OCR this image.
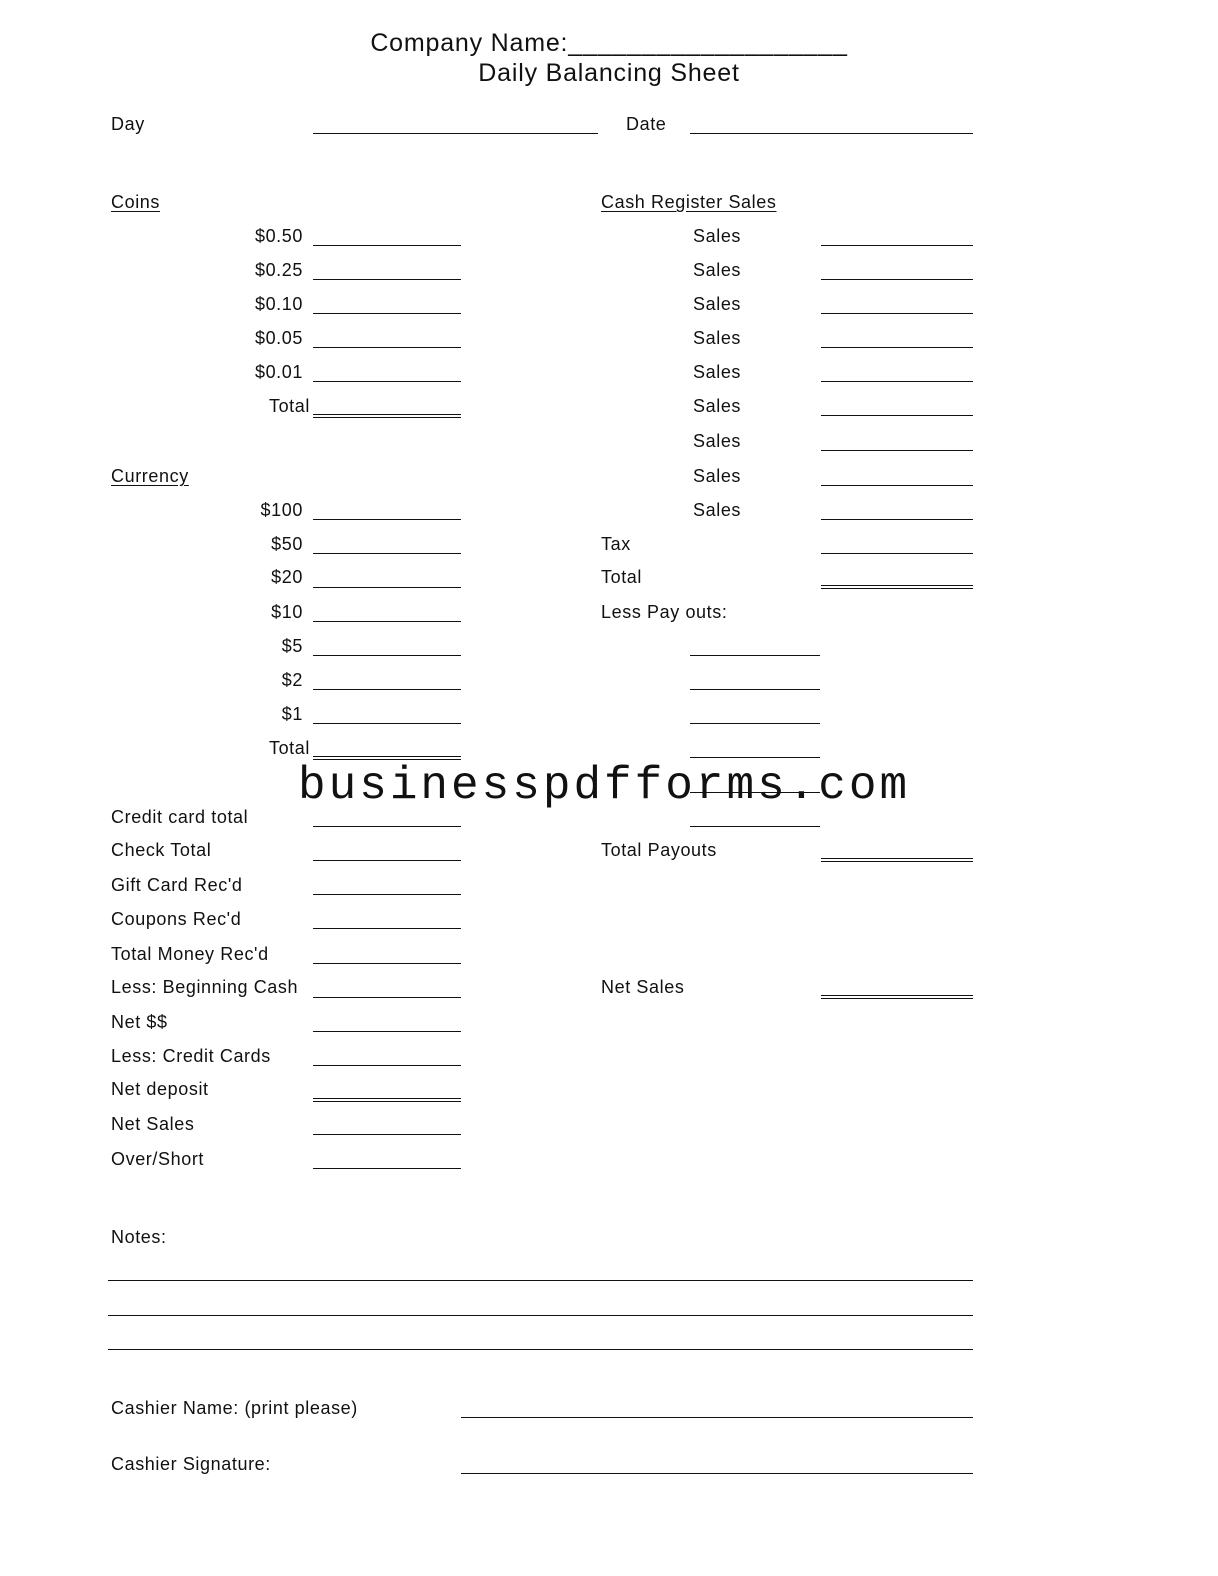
Company Name:___________________
Daily Balancing Sheet
Day	Date
Coins
$0.50
$0.25
$0.10
$0.05
$0.01
Total
Currency
$100
$50
$20
$10
$5
$2
$1
Total
Cash Register Sales
Sales
Sales
Sales
Sales
Sales
Sales
Sales
Sales
Sales
Tax
Total
Less Pay outs:
Total Payouts
Net Sales
Credit card total
Check Total
Gift Card Rec'd
Coupons Rec'd
Total Money Rec'd
Less: Beginning Cash
Net $$
Less: Credit Cards
Net deposit
Net Sales
Over/Short
Notes:
Cashier Name: (print please)
Cashier Signature:
businesspdfforms.com
